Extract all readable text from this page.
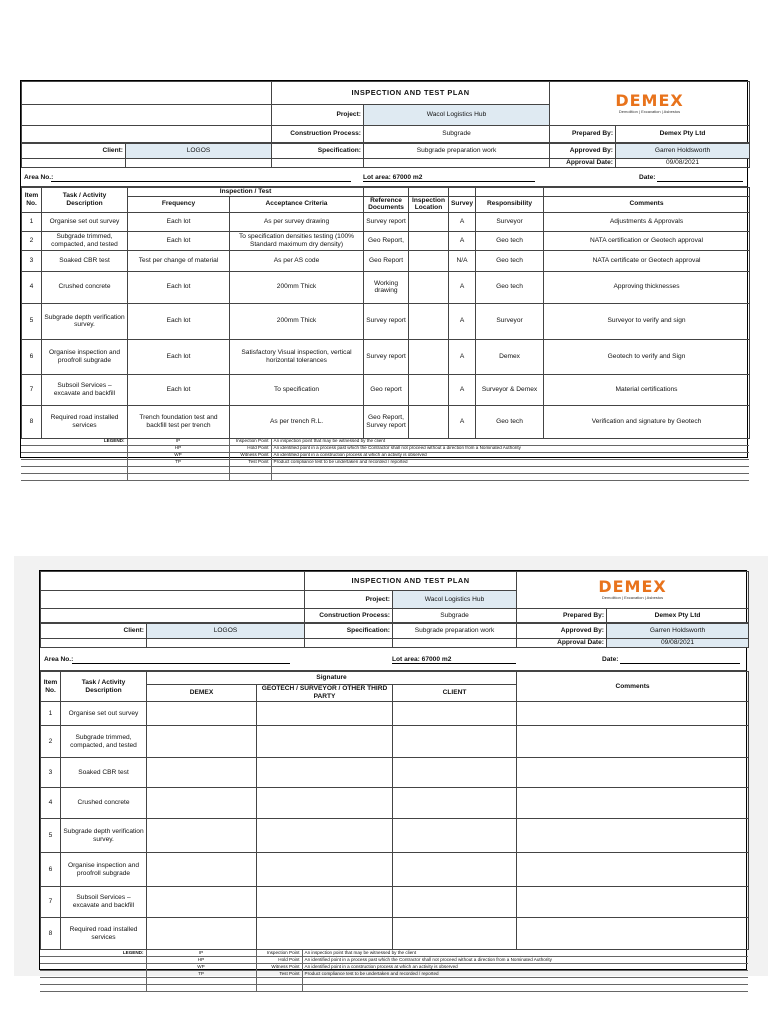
	INSPECTION AND TEST PLAN		DEMEX
Demolition | Excavation | Asbestos	

	Project:	Wacol Logistics Hub		
	Construction Process:	Subgrade	Prepared By:	Demex Pty Ltd
Client:	LOGOS	Specification:	Subgrade preparation work	Approved By:	Garren Holdsworth
				Approval Date:	09/08/2021
Area No.:	Lot area: 67000 m2	Date:
Item No.	Task / Activity Description	Inspection / Test						
		Frequency	Acceptance Criteria	Reference Documents	Inspection Location	Survey	Responsibility	Comments
1	Organise set out survey	Each lot	As per survey drawing	Survey report		A	Surveyor	Adjustments & Approvals
2	Subgrade trimmed, compacted, and tested	Each lot	To specification densities testing (100% Standard maximum dry density)	Geo Report,		A	Geo tech	NATA certification or Geotech approval
3	Soaked CBR test	Test per change of material	As per AS code	Geo Report		N/A	Geo tech	NATA certificate or Geotech approval
4	Crushed concrete	Each lot	200mm Thick	Working drawing		A	Geo tech	Approving thicknesses
5	Subgrade depth verification survey.	Each lot	200mm Thick	Survey report		A	Surveyor	Surveyor to verify and sign
6	Organise inspection and proofroll subgrade	Each lot	Satisfactory Visual inspection, vertical horizontal tolerances	Survey report		A	Demex	Geotech to verify and Sign
7	Subsoil Services – excavate and backfill	Each lot	To specification	Geo report		A	Surveyor & Demex	Material certifications
8	Required road installed services	Trench foundation test and backfill test per trench	As per trench R.L.	Geo Report, Survey report		A	Geo tech	Verification and signature by Geotech
LEGEND:	IP	Inspection Point	An inspection point that may be witnessed by the client
	HP	Hold Point	An identified point in a process past which the Contractor shall not proceed without a direction from a Nominated Authority
	WP	Witness Point	An identified point in a construction process at which an activity is observed
	TP	Test Point	Product compliance test to be undertaken and recorded / reported

	INSPECTION AND TEST PLAN		DEMEX
Demolition | Excavation | Asbestos	

	Project:	Wacol Logistics Hub		
	Construction Process:	Subgrade	Prepared By:	Demex Pty Ltd
Client:	LOGOS	Specification:	Subgrade preparation work	Approved By:	Garren Holdsworth
				Approval Date:	09/08/2021
Area No.:	Lot area: 67000 m2	Date:
Item No.	Task / Activity Description	Signature			Comments
		DEMEX	GEOTECH / SURVEYOR / OTHER THIRD PARTY	CLIENT	
1	Organise set out survey				
2	Subgrade trimmed, compacted, and tested				
3	Soaked CBR test				
4	Crushed concrete				
5	Subgrade depth verification survey.				
6	Organise inspection and proofroll subgrade				
7	Subsoil Services – excavate and backfill				
8	Required road installed services				
LEGEND:	IP	Inspection Point	An inspection point that may be witnessed by the client
	HP	Hold Point	An identified point in a process past which the Contractor shall not proceed without a direction from a Nominated Authority
	WP	Witness Point	An identified point in a construction process at which an activity is observed
	TP	Test Point	Product compliance test to be undertaken and recorded / reported
